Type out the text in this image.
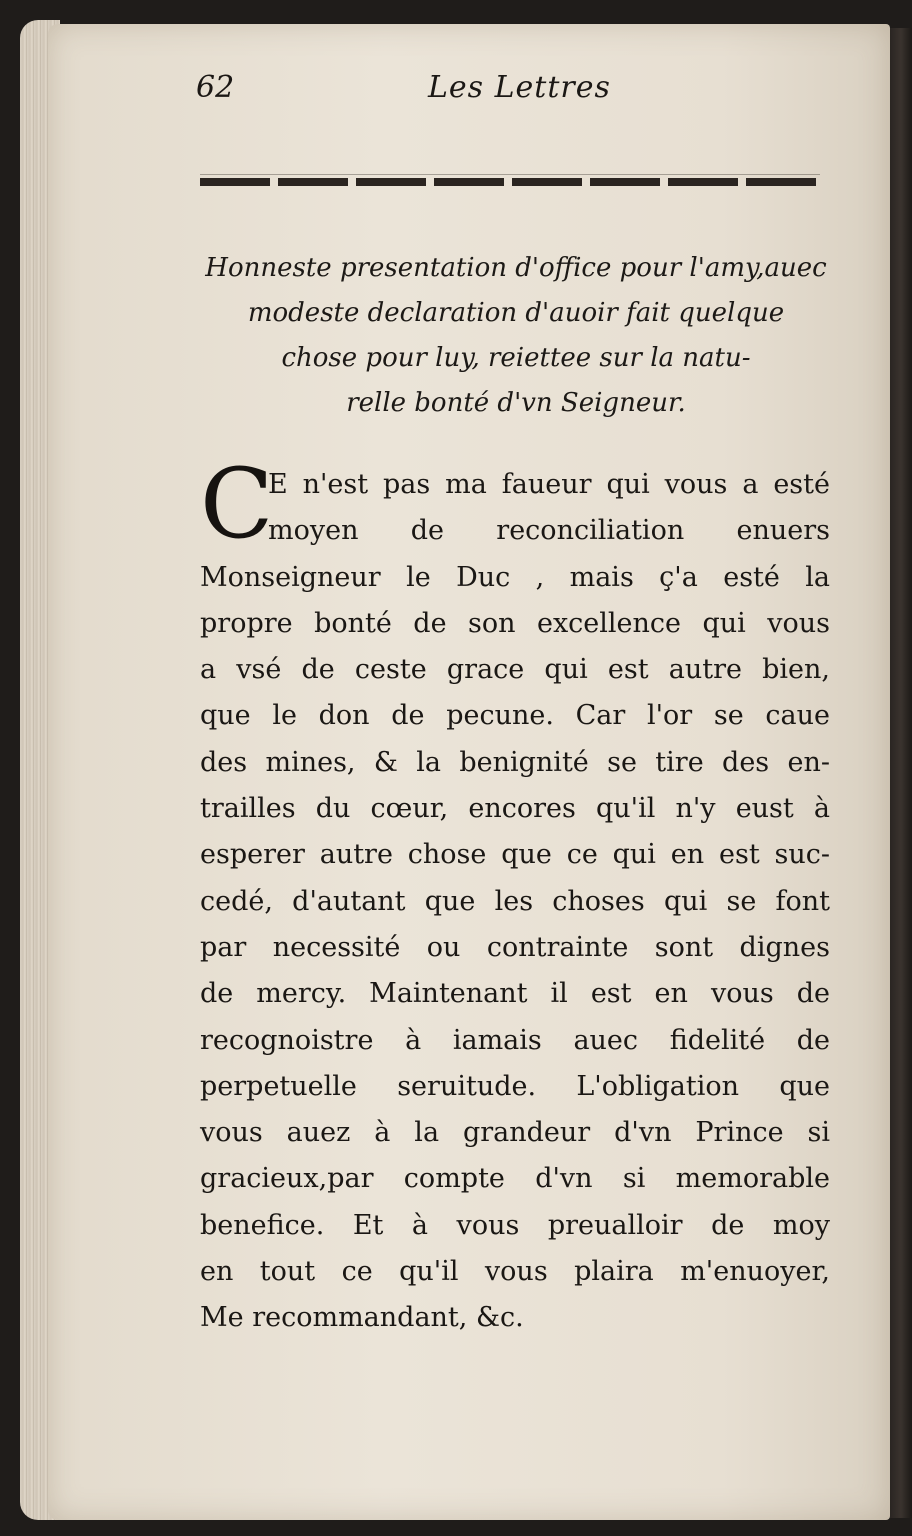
62	Les Lettres
Honneste presentation d'office pour l'amy,auec
modeste declaration d'auoir fait quelque
chose pour luy, reiettee sur la natu-
relle bonté d'vn Seigneur.
C
E n'est pas ma faueur qui vous a esté
moyen de reconciliation enuers
Monseigneur le Duc , mais ç'a esté la
propre bonté de son excellence qui vous
a vsé de ceste grace qui est autre bien,
que le don de pecune. Car l'or se caue
des mines, & la benignité se tire des en-
trailles du cœur, encores qu'il n'y eust à
esperer autre chose que ce qui en est suc-
cedé, d'autant que les choses qui se font
par necessité ou contrainte sont dignes
de mercy. Maintenant il est en vous de
recognoistre à iamais auec fidelité de
perpetuelle seruitude. L'obligation que
vous auez à la grandeur d'vn Prince si
gracieux,par compte d'vn si memorable
benefice. Et à vous preualloir de moy
en tout ce qu'il vous plaira m'enuoyer,
Me recommandant, &c.
